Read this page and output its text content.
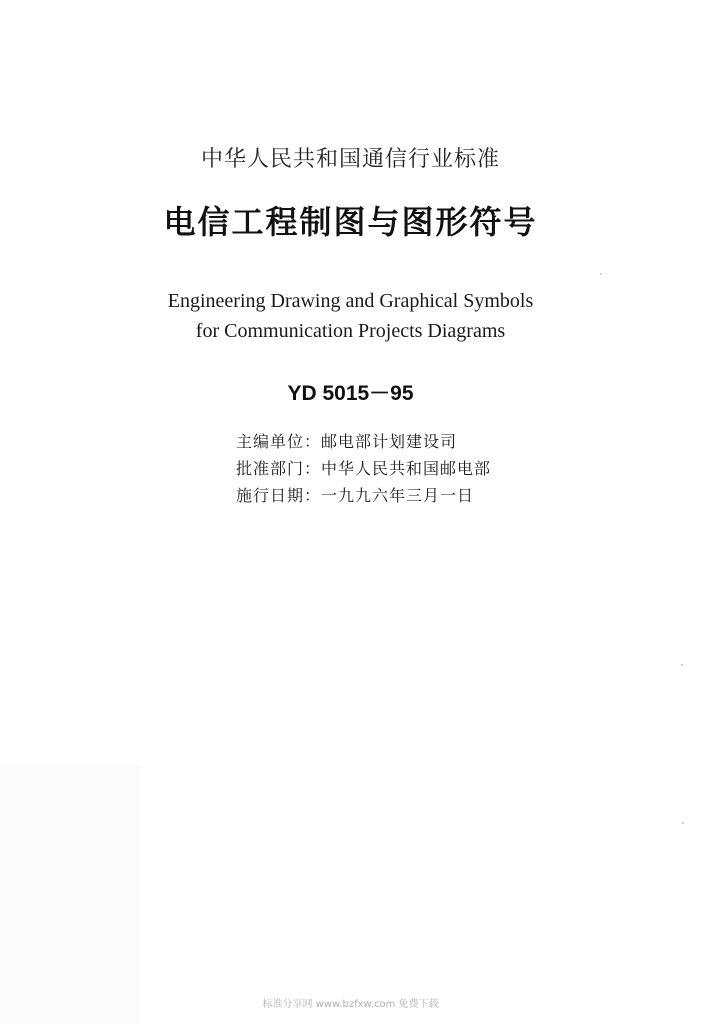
中华人民共和国通信行业标准
电信工程制图与图形符号
Engineering Drawing and Graphical Symbols
for Communication Projects Diagrams
YD 5015－95
主编单位：邮电部计划建设司
批准部门：中华人民共和国邮电部
施行日期：一九九六年三月一日
标准分享网 www.bzfxw.com 免费下载
